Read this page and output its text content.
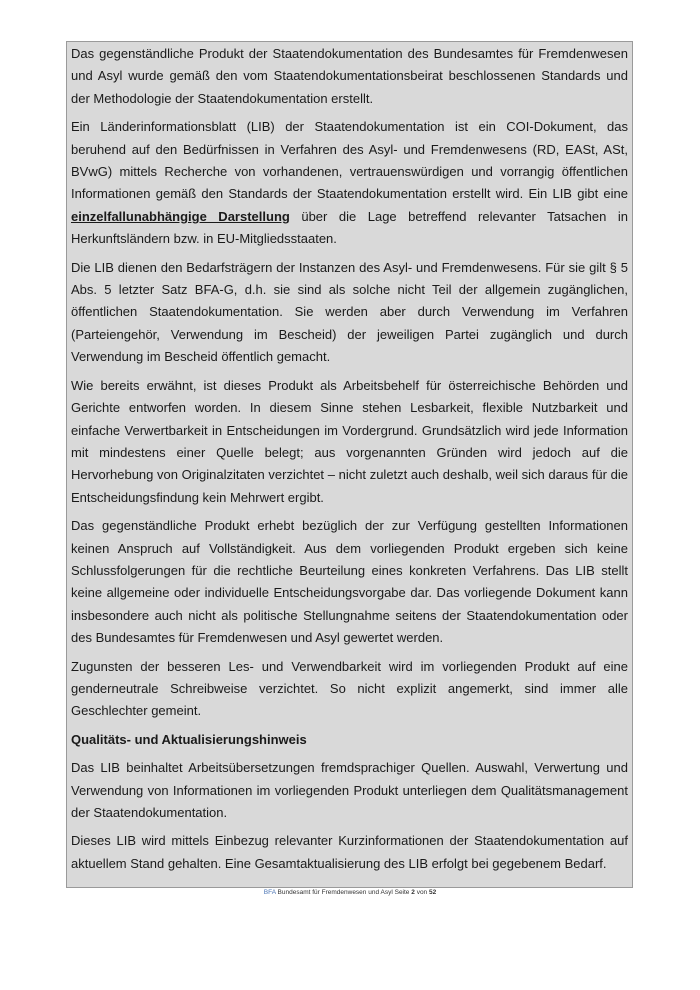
Das gegenständliche Produkt der Staatendokumentation des Bundesamtes für Fremdenwesen und Asyl wurde gemäß den vom Staatendokumentationsbeirat beschlossenen Standards und der Methodologie der Staatendokumentation erstellt.

Ein Länderinformationsblatt (LIB) der Staatendokumentation ist ein COI-Dokument, das beruhend auf den Bedürfnissen in Verfahren des Asyl- und Fremdenwesens (RD, EASt, ASt, BVwG) mittels Recherche von vorhandenen, vertrauenswürdigen und vorrangig öffentlichen Informationen gemäß den Standards der Staatendokumentation erstellt wird. Ein LIB gibt eine einzelfallunabhängige Darstellung über die Lage betreffend relevanter Tatsachen in Herkunftsländern bzw. in EU-Mitgliedsstaaten.

Die LIB dienen den Bedarfsträgern der Instanzen des Asyl- und Fremdenwesens. Für sie gilt § 5 Abs. 5 letzter Satz BFA-G, d.h. sie sind als solche nicht Teil der allgemein zugänglichen, öffentlichen Staatendokumentation. Sie werden aber durch Verwendung im Verfahren (Parteiengehör, Verwendung im Bescheid) der jeweiligen Partei zugänglich und durch Verwendung im Bescheid öffentlich gemacht.

Wie bereits erwähnt, ist dieses Produkt als Arbeitsbehelf für österreichische Behörden und Gerichte entworfen worden. In diesem Sinne stehen Lesbarkeit, flexible Nutzbarkeit und einfache Verwertbarkeit in Entscheidungen im Vordergrund. Grundsätzlich wird jede Information mit mindestens einer Quelle belegt; aus vorgenannten Gründen wird jedoch auf die Hervorhebung von Originalzitaten verzichtet – nicht zuletzt auch deshalb, weil sich daraus für die Entscheidungsfindung kein Mehrwert ergibt.

Das gegenständliche Produkt erhebt bezüglich der zur Verfügung gestellten Informationen keinen Anspruch auf Vollständigkeit. Aus dem vorliegenden Produkt ergeben sich keine Schlussfolgerungen für die rechtliche Beurteilung eines konkreten Verfahrens. Das LIB stellt keine allgemeine oder individuelle Entscheidungsvorgabe dar. Das vorliegende Dokument kann insbesondere auch nicht als politische Stellungnahme seitens der Staatendokumentation oder des Bundesamtes für Fremdenwesen und Asyl gewertet werden.

Zugunsten der besseren Les- und Verwendbarkeit wird im vorliegenden Produkt auf eine genderneutrale Schreibweise verzichtet. So nicht explizit angemerkt, sind immer alle Geschlechter gemeint.

Qualitäts- und Aktualisierungshinweis

Das LIB beinhaltet Arbeitsübersetzungen fremdsprachiger Quellen. Auswahl, Verwertung und Verwendung von Informationen im vorliegenden Produkt unterliegen dem Qualitätsmanagement der Staatendokumentation.

Dieses LIB wird mittels Einbezug relevanter Kurzinformationen der Staatendokumentation auf aktuellem Stand gehalten. Eine Gesamtaktualisierung des LIB erfolgt bei gegebenem Bedarf.

BFA Bundesamt für Fremdenwesen und Asyl Seite 2 von 52
